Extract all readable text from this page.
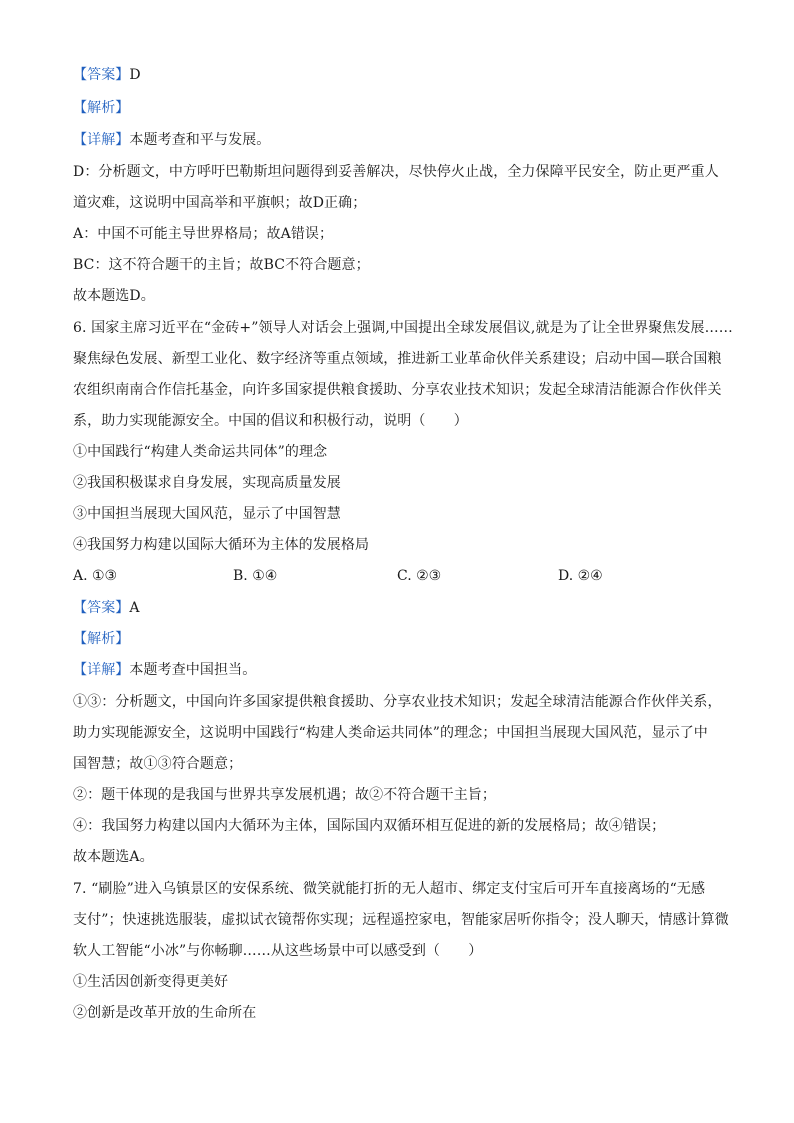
【答案】D
【解析】
【详解】本题考查和平与发展。
D：分析题文，中方呼吁巴勒斯坦问题得到妥善解决，尽快停火止战，全力保障平民安全，防止更严重人
道灾难，这说明中国高举和平旗帜；故D正确；
A：中国不可能主导世界格局；故A错误；
BC：这不符合题干的主旨；故BC不符合题意；
故本题选D。
6. 国家主席习近平在“金砖+”领导人对话会上强调,中国提出全球发展倡议,就是为了让全世界聚焦发展……
聚焦绿色发展、新型工业化、数字经济等重点领域，推进新工业革命伙伴关系建设；启动中国—联合国粮
农组织南南合作信托基金，向许多国家提供粮食援助、分享农业技术知识；发起全球清洁能源合作伙伴关
系，助力实现能源安全。中国的倡议和积极行动，说明（　　）
①中国践行“构建人类命运共同体”的理念
②我国积极谋求自身发展，实现高质量发展
③中国担当展现大国风范，显示了中国智慧
④我国努力构建以国际大循环为主体的发展格局
A. ①③	B. ①④	C. ②③	D. ②④
【答案】A
【解析】
【详解】本题考查中国担当。
①③：分析题文，中国向许多国家提供粮食援助、分享农业技术知识；发起全球清洁能源合作伙伴关系，
助力实现能源安全，这说明中国践行“构建人类命运共同体”的理念；中国担当展现大国风范，显示了中
国智慧；故①③符合题意；
②：题干体现的是我国与世界共享发展机遇；故②不符合题干主旨；
④：我国努力构建以国内大循环为主体，国际国内双循环相互促进的新的发展格局；故④错误；
故本题选A。
7. “刷脸”进入乌镇景区的安保系统、微笑就能打折的无人超市、绑定支付宝后可开车直接离场的“无感
支付”；快速挑选服装，虚拟试衣镜帮你实现；远程遥控家电，智能家居听你指令；没人聊天，情感计算微
软人工智能“小冰”与你畅聊……从这些场景中可以感受到（　　）
①生活因创新变得更美好
②创新是改革开放的生命所在
